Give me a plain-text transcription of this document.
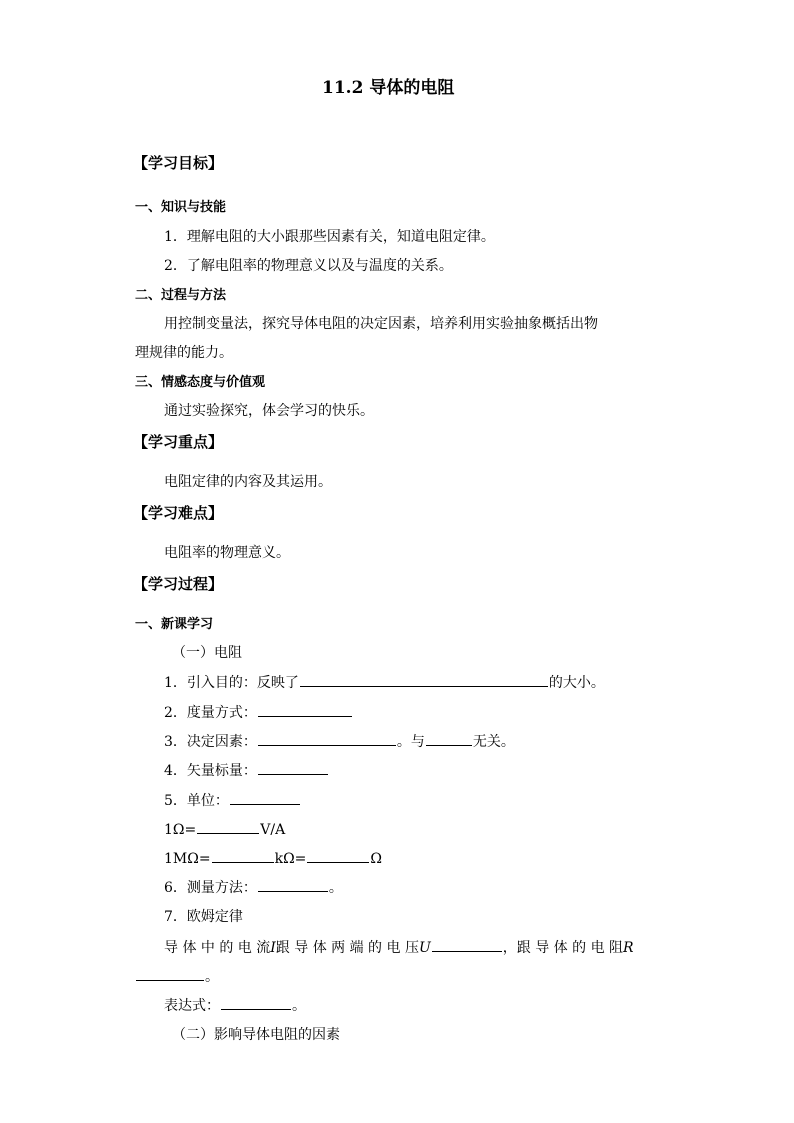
11.2 导体的电阻
【学习目标】
一、知识与技能
1．理解电阻的大小跟那些因素有关，知道电阻定律。
2．了解电阻率的物理意义以及与温度的关系。
二、过程与方法
用控制变量法，探究导体电阻的决定因素，培养利用实验抽象概括出物
理规律的能力。
三、情感态度与价值观
通过实验探究，体会学习的快乐。
【学习重点】
电阻定律的内容及其运用。
【学习难点】
电阻率的物理意义。
【学习过程】
一、新课学习
（一）电阻
1．引入目的：反映了	的大小。
2．度量方式：
3．决定因素：	。与	无关。
4．矢量标量：
5．单位：
1Ω=	V/A
1MΩ=	kΩ=	Ω
6．测量方法：	。
7．欧姆定律
导 体 中 的 电 流I跟 导 体 两 端 的 电 压U	，跟 导 体 的 电 阻R
。
表达式：	。
（二）影响导体电阻的因素
